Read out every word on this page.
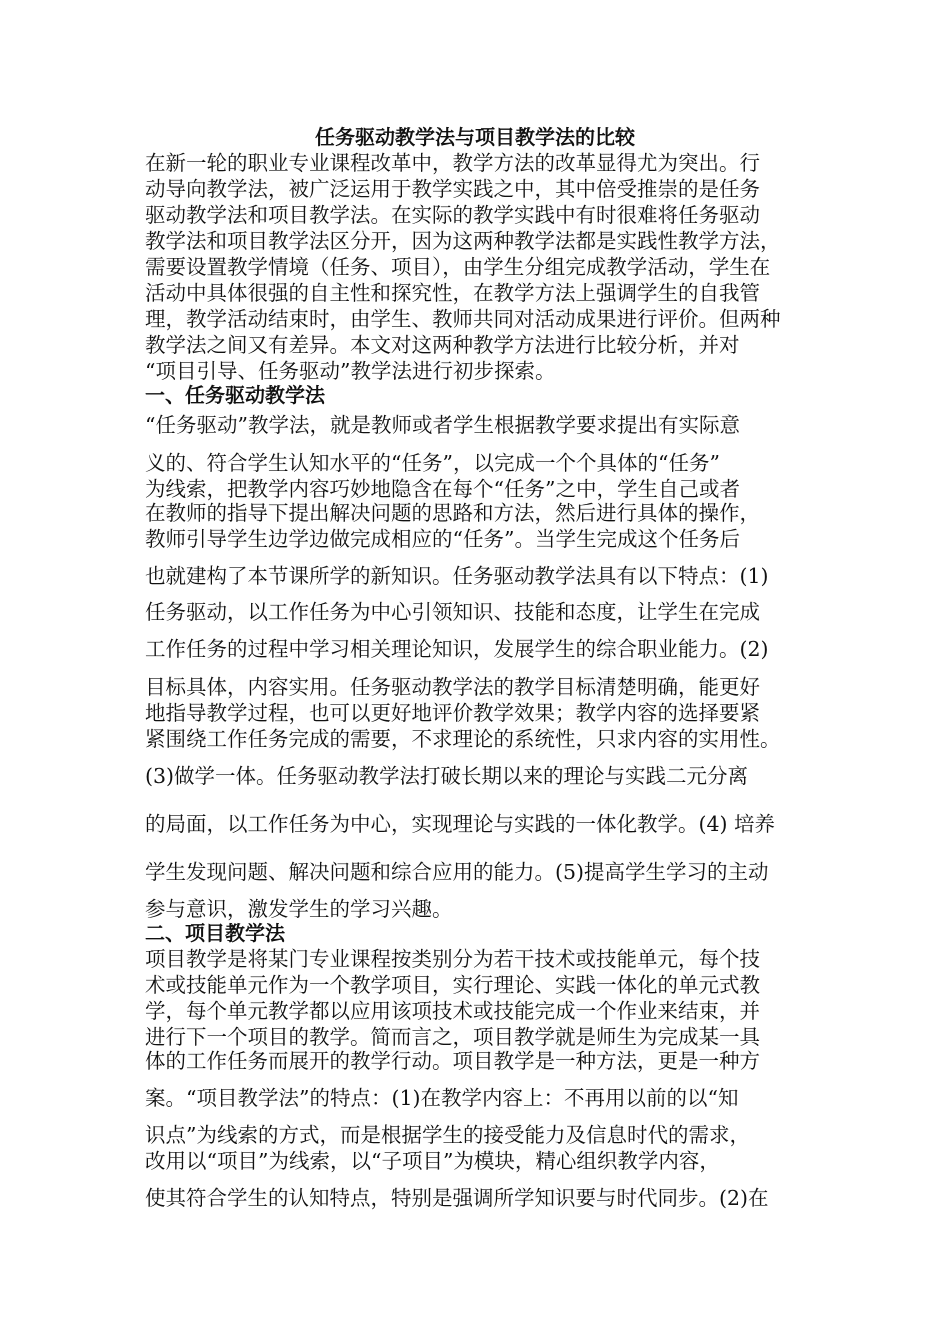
任务驱动教学法与项目教学法的比较
在新一轮的职业专业课程改革中，教学方法的改革显得尤为突出。行
动导向教学法，被广泛运用于教学实践之中，其中倍受推崇的是任务
驱动教学法和项目教学法。在实际的教学实践中有时很难将任务驱动
教学法和项目教学法区分开，因为这两种教学法都是实践性教学方法，
需要设置教学情境（任务、项目），由学生分组完成教学活动，学生在
活动中具体很强的自主性和探究性，在教学方法上强调学生的自我管
理，教学活动结束时，由学生、教师共同对活动成果进行评价。但两种
教学法之间又有差异。本文对这两种教学方法进行比较分析，并对
“项目引导、任务驱动”教学法进行初步探索。
一、任务驱动教学法
“任务驱动”教学法，就是教师或者学生根据教学要求提出有实际意
义的、符合学生认知水平的“任务”，以完成一个个具体的“任务”
为线索，把教学内容巧妙地隐含在每个“任务”之中，学生自己或者
在教师的指导下提出解决问题的思路和方法，然后进行具体的操作，
教师引导学生边学边做完成相应的“任务”。当学生完成这个任务后
也就建构了本节课所学的新知识。任务驱动教学法具有以下特点：(1)
任务驱动，以工作任务为中心引领知识、技能和态度，让学生在完成
工作任务的过程中学习相关理论知识，发展学生的综合职业能力。(2)
目标具体，内容实用。任务驱动教学法的教学目标清楚明确，能更好
地指导教学过程，也可以更好地评价教学效果；教学内容的选择要紧
紧围绕工作任务完成的需要，不求理论的系统性，只求内容的实用性。
(3)做学一体。任务驱动教学法打破长期以来的理论与实践二元分离
的局面，以工作任务为中心，实现理论与实践的一体化教学。(4) 培养
学生发现问题、解决问题和综合应用的能力。(5)提高学生学习的主动
参与意识，激发学生的学习兴趣。
二、项目教学法
项目教学是将某门专业课程按类别分为若干技术或技能单元，每个技
术或技能单元作为一个教学项目，实行理论、实践一体化的单元式教
学，每个单元教学都以应用该项技术或技能完成一个作业来结束，并
进行下一个项目的教学。简而言之，项目教学就是师生为完成某一具
体的工作任务而展开的教学行动。项目教学是一种方法，更是一种方
案。“项目教学法”的特点：(1)在教学内容上：不再用以前的以“知
识点”为线索的方式，而是根据学生的接受能力及信息时代的需求，
改用以“项目”为线索，以“子项目”为模块，精心组织教学内容，
使其符合学生的认知特点，特别是强调所学知识要与时代同步。(2)在
